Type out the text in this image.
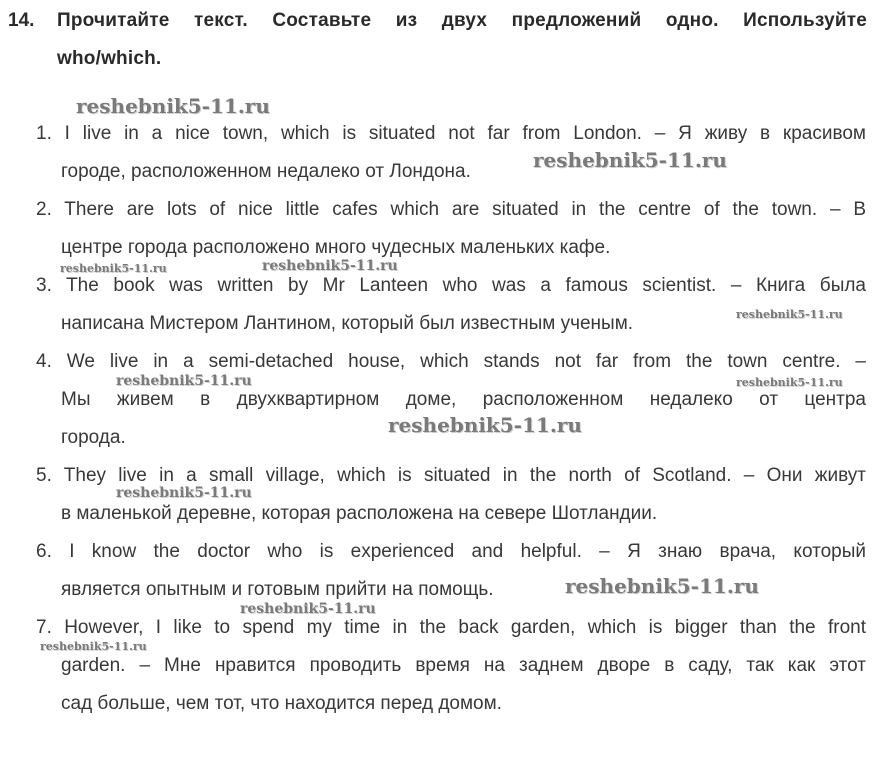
14. Прочитайте текст. Составьте из двух предложений одно. Используйте
who/which.
1. I live in a nice town, which is situated not far from London. – Я живу в красивом
городе, расположенном недалеко от Лондона.
2. There are lots of nice little cafes which are situated in the centre of the town. – В
центре города расположено много чудесных маленьких кафе.
3. The book was written by Mr Lanteen who was a famous scientist. – Книга была
написана Мистером Лантином, который был известным ученым.
4. We live in a semi-detached house, which stands not far from the town centre. –
Мы живем в двухквартирном доме, расположенном недалеко от центра
города.
5. They live in a small village, which is situated in the north of Scotland. – Они живут
в маленькой деревне, которая расположена на севере Шотландии.
6. I know the doctor who is experienced and helpful. – Я знаю врача, который
является опытным и готовым прийти на помощь.
7. However, I like to spend my time in the back garden, which is bigger than the front
garden. – Мне нравится проводить время на заднем дворе в саду, так как этот
сад больше, чем тот, что находится перед домом.
reshebnik5-11.ru
reshebnik5-11.ru
reshebnik5-11.ru	reshebnik5-11.ru
reshebnik5-11.ru
reshebnik5-11.ru	reshebnik5-11.ru
reshebnik5-11.ru
reshebnik5-11.ru
reshebnik5-11.ru
reshebnik5-11.ru
reshebnik5-11.ru
